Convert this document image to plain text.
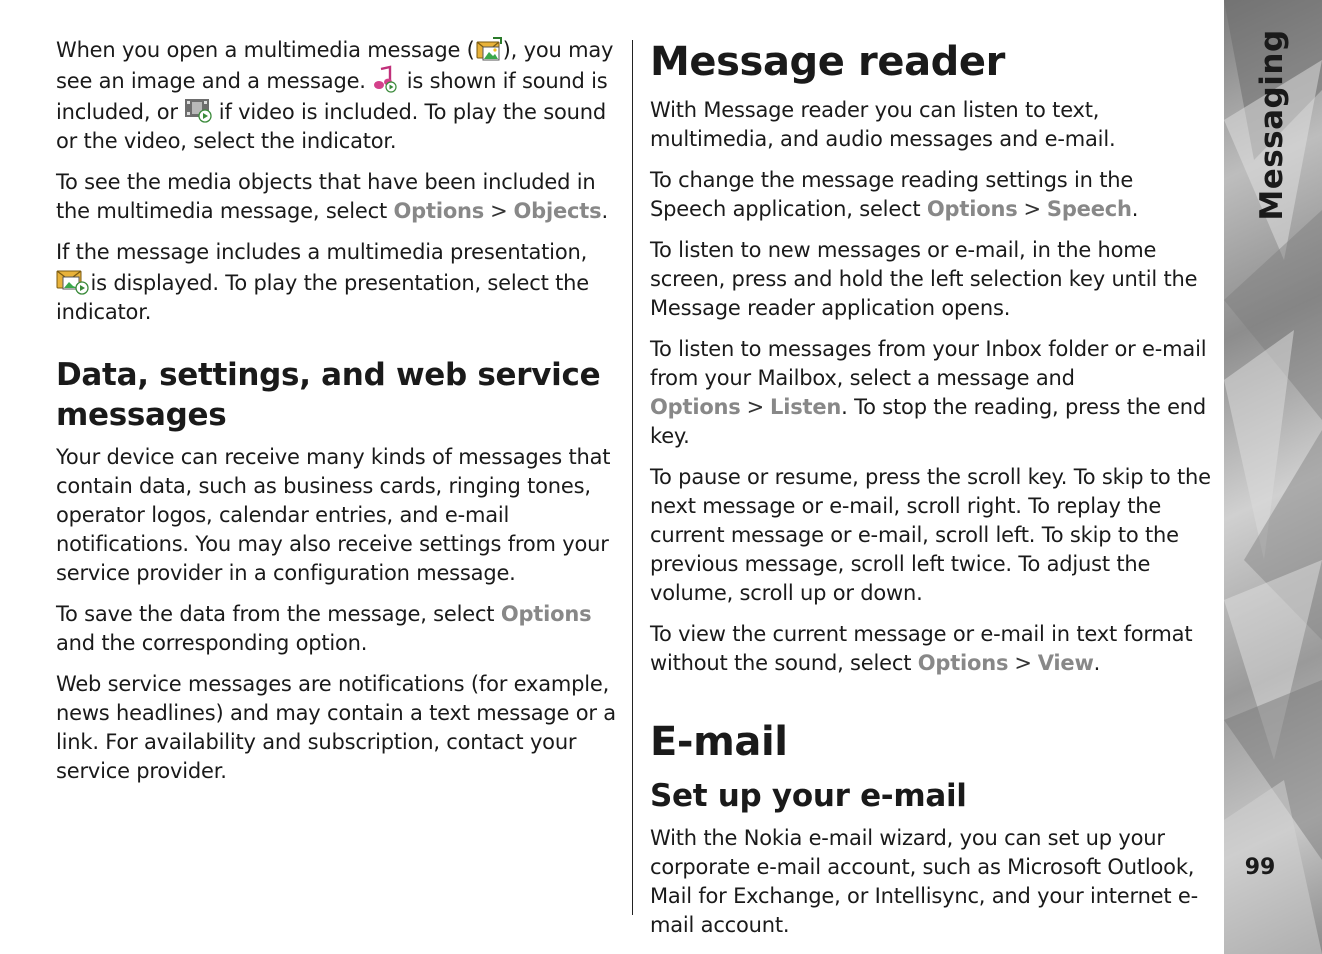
When you open a multimedia message ( ), you may see an image and a message.  is shown if sound is included, or  if video is included. To play the sound or the video, select the indicator.

To see the media objects that have been included in the multimedia message, select Options > Objects.

If the message includes a multimedia presentation,
is displayed. To play the presentation, select the indicator.

Data, settings, and web service messages

Your device can receive many kinds of messages that contain data, such as business cards, ringing tones, operator logos, calendar entries, and e-mail notifications. You may also receive settings from your service provider in a configuration message.

To save the data from the message, select Options and the corresponding option.

Web service messages are notifications (for example, news headlines) and may contain a text message or a link. For availability and subscription, contact your service provider.

Message reader

With Message reader you can listen to text, multimedia, and audio messages and e-mail.

To change the message reading settings in the Speech application, select Options > Speech.

To listen to new messages or e-mail, in the home screen, press and hold the left selection key until the Message reader application opens.

To listen to messages from your Inbox folder or e-mail from your Mailbox, select a message and Options > Listen. To stop the reading, press the end key.

To pause or resume, press the scroll key. To skip to the next message or e-mail, scroll right. To replay the current message or e-mail, scroll left. To skip to the previous message, scroll left twice. To adjust the volume, scroll up or down.

To view the current message or e-mail in text format without the sound, select Options > View.

E-mail
Set up your e-mail

With the Nokia e-mail wizard, you can set up your corporate e-mail account, such as Microsoft Outlook, Mail for Exchange, or Intellisync, and your internet e-mail account.

Messaging
99
